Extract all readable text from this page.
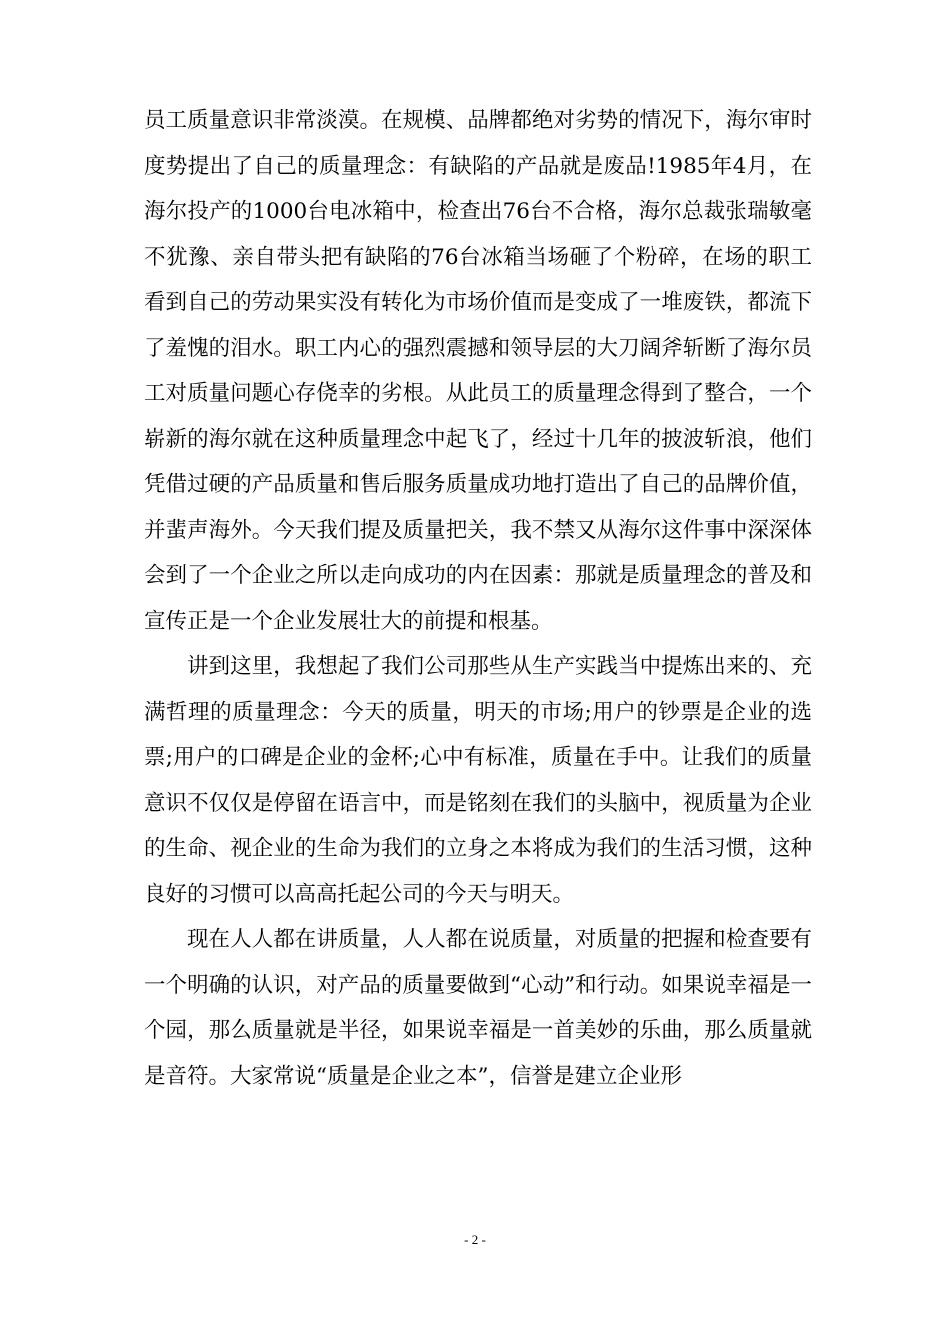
员工质量意识非常淡漠。在规模、品牌都绝对劣势的情况下，海尔审时度势提出了自己的质量理念：有缺陷的产品就是废品!1985年4月，在海尔投产的1000台电冰箱中，检查出76台不合格，海尔总裁张瑞敏毫不犹豫、亲自带头把有缺陷的76台冰箱当场砸了个粉碎，在场的职工看到自己的劳动果实没有转化为市场价值而是变成了一堆废铁，都流下了羞愧的泪水。职工内心的强烈震撼和领导层的大刀阔斧斩断了海尔员工对质量问题心存侥幸的劣根。从此员工的质量理念得到了整合，一个崭新的海尔就在这种质量理念中起飞了，经过十几年的披波斩浪，他们凭借过硬的产品质量和售后服务质量成功地打造出了自己的品牌价值，并蜚声海外。今天我们提及质量把关，我不禁又从海尔这件事中深深体会到了一个企业之所以走向成功的内在因素：那就是质量理念的普及和宣传正是一个企业发展壮大的前提和根基。

讲到这里，我想起了我们公司那些从生产实践当中提炼出来的、充满哲理的质量理念：今天的质量，明天的市场;用户的钞票是企业的选票;用户的口碑是企业的金杯;心中有标准，质量在手中。让我们的质量意识不仅仅是停留在语言中，而是铭刻在我们的头脑中，视质量为企业的生命、视企业的生命为我们的立身之本将成为我们的生活习惯，这种良好的习惯可以高高托起公司的今天与明天。

现在人人都在讲质量，人人都在说质量，对质量的把握和检查要有一个明确的认识，对产品的质量要做到“心动”和行动。如果说幸福是一个园，那么质量就是半径，如果说幸福是一首美妙的乐曲，那么质量就是音符。大家常说“质量是企业之本”，信誉是建立企业形

- 2 -
